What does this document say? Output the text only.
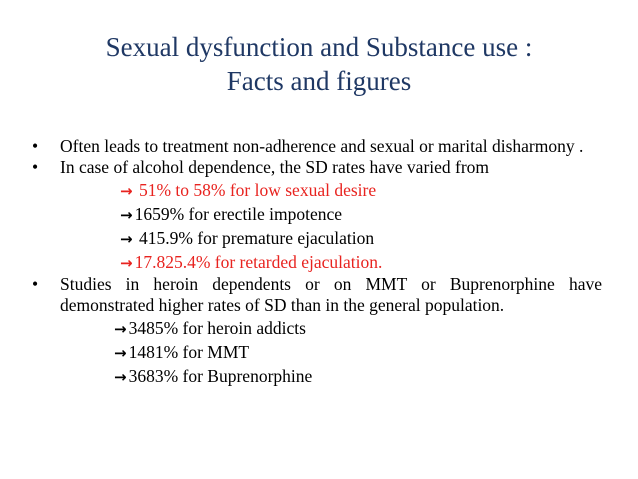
Sexual dysfunction and Substance use :
Facts and figures
• Often leads to treatment non-adherence and sexual or marital disharmony .
• In case of alcohol dependence, the SD rates have varied from
→ 51% to 58% for low sexual desire
→ 1659% for erectile impotence
→ 415.9% for premature ejaculation
→ 17.825.4% for retarded ejaculation.
• Studies in heroin dependents or on MMT or Buprenorphine have demonstrated higher rates of SD than in the general population.
→ 3485% for heroin addicts
→ 1481% for MMT
→ 3683% for Buprenorphine
